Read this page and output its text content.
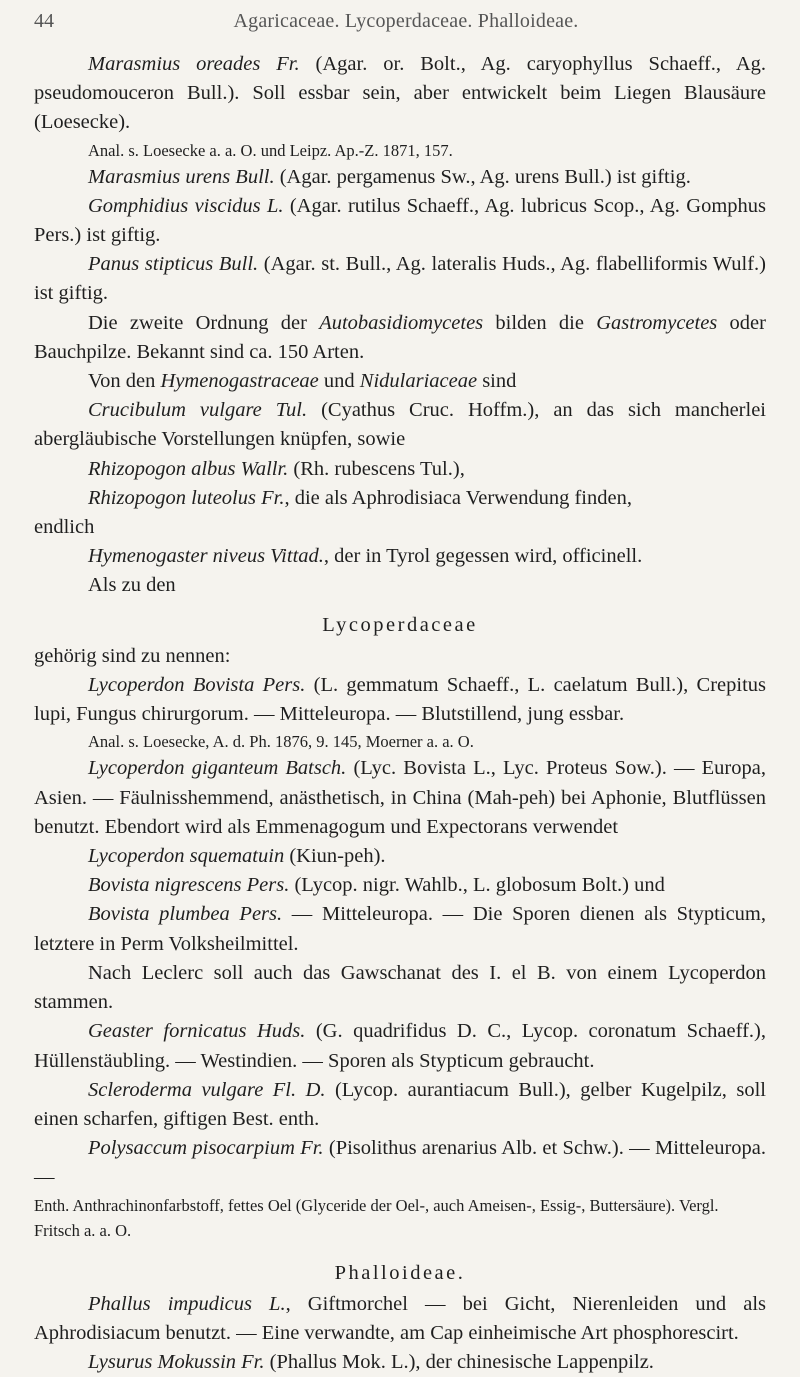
44	Agaricaceae. Lycoperdaceae. Phalloideae.

Marasmius oreades Fr. (Agar. or. Bolt., Ag. caryophyllus Schaeff., Ag. pseudomouceron Bull.). Soll essbar sein, aber entwickelt beim Liegen Blausäure (Loesecke).

Anal. s. Loesecke a. a. O. und Leipz. Ap.-Z. 1871, 157.

Marasmius urens Bull. (Agar. pergamenus Sw., Ag. urens Bull.) ist giftig.

Gomphidius viscidus L. (Agar. rutilus Schaeff., Ag. lubricus Scop., Ag. Gomphus Pers.) ist giftig.

Panus stipticus Bull. (Agar. st. Bull., Ag. lateralis Huds., Ag. flabelliformis Wulf.) ist giftig.

Die zweite Ordnung der Autobasidiomycetes bilden die Gastromycetes oder Bauchpilze. Bekannt sind ca. 150 Arten.

Von den Hymenogastraceae und Nidulariaceae sind

Crucibulum vulgare Tul. (Cyathus Cruc. Hoffm.), an das sich mancherlei abergläubische Vorstellungen knüpfen, sowie

Rhizopogon albus Wallr. (Rh. rubescens Tul.),

Rhizopogon luteolus Fr., die als Aphrodisiaca Verwendung finden,

endlich

Hymenogaster niveus Vittad., der in Tyrol gegessen wird, officinell.

Als zu den

Lycoperdaceae

gehörig sind zu nennen:

Lycoperdon Bovista Pers. (L. gemmatum Schaeff., L. caelatum Bull.), Crepitus lupi, Fungus chirurgorum. — Mitteleuropa. — Blutstillend, jung essbar.

Anal. s. Loesecke, A. d. Ph. 1876, 9. 145, Moerner a. a. O.

Lycoperdon giganteum Batsch. (Lyc. Bovista L., Lyc. Proteus Sow.). — Europa, Asien. — Fäulnisshemmend, anästhetisch, in China (Mah-peh) bei Aphonie, Blutflüssen benutzt. Ebendort wird als Emmenagogum und Expectorans verwendet

Lycoperdon squematuin (Kiun-peh).

Bovista nigrescens Pers. (Lycop. nigr. Wahlb., L. globosum Bolt.) und

Bovista plumbea Pers. — Mitteleuropa. — Die Sporen dienen als Stypticum, letztere in Perm Volksheilmittel.

Nach Leclerc soll auch das Gawschanat des I. el B. von einem Lycoperdon stammen.

Geaster fornicatus Huds. (G. quadrifidus D. C., Lycop. coronatum Schaeff.), Hüllenstäubling. — Westindien. — Sporen als Stypticum gebraucht.

Scleroderma vulgare Fl. D. (Lycop. aurantiacum Bull.), gelber Kugelpilz, soll einen scharfen, giftigen Best. enth.

Polysaccum pisocarpium Fr. (Pisolithus arenarius Alb. et Schw.). — Mitteleuropa. —

Enth. Anthrachinonfarbstoff, fettes Oel (Glyceride der Oel-, auch Ameisen-, Essig-, Buttersäure). Vergl. Fritsch a. a. O.

Phalloideae.

Phallus impudicus L., Giftmorchel — bei Gicht, Nierenleiden und als Aphrodisiacum benutzt. — Eine verwandte, am Cap einheimische Art phosphorescirt.

Lysurus Mokussin Fr. (Phallus Mok. L.), der chinesische Lappenpilz.
